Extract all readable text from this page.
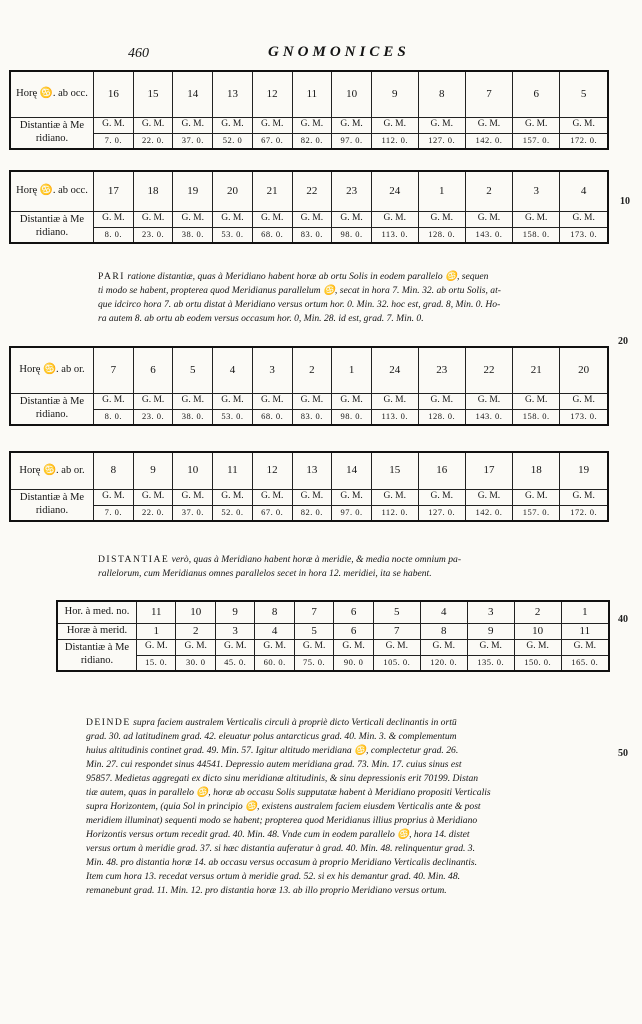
460	GNOMONICES
10
20
40
50
Horę ♋. ab occ.	16	15	14	13	12	11	10	9	8	7	6	5
Distantiæ à Me
ridiano.	G. M.	G. M.	G. M.	G. M.	G. M.	G. M.	G. M.	G. M.	G. M.	G. M.	G. M.	G. M.
	7. 0.	22. 0.	37. 0.	52. 0	67. 0.	82. 0.	97. 0.	112. 0.	127. 0.	142. 0.	157. 0.	172. 0.
Horę ♋. ab occ.	17	18	19	20	21	22	23	24	1	2	3	4
Distantiæ à Me
ridiano.	G. M.	G. M.	G. M.	G. M.	G. M.	G. M.	G. M.	G. M.	G. M.	G. M.	G. M.	G. M.
	8. 0.	23. 0.	38. 0.	53. 0.	68. 0.	83. 0.	98. 0.	113. 0.	128. 0.	143. 0.	158. 0.	173. 0.
PARI ratione distantiæ, quas à Meridiano habent horæ ab ortu Solis in eodem parallelo ♋, sequen
ti modo se habent, propterea quod Meridianus parallelum ♋, secat in hora 7. Min. 32. ab ortu Solis, at-
que idcirco hora 7. ab ortu distat à Meridiano versus ortum hor. 0. Min. 32. hoc est, grad. 8, Min. 0. Ho-
ra autem 8. ab ortu ab eodem versus occasum hor. 0, Min. 28. id est, grad. 7. Min. 0.
Horę ♋. ab or.	7	6	5	4	3	2	1	24	23	22	21	20
Distantiæ à Me
ridiano.	G. M.	G. M.	G. M.	G. M.	G. M.	G. M.	G. M.	G. M.	G. M.	G. M.	G. M.	G. M.
	8. 0.	23. 0.	38. 0.	53. 0.	68. 0.	83. 0.	98. 0.	113. 0.	128. 0.	143. 0.	158. 0.	173. 0.
Horę ♋. ab or.	8	9	10	11	12	13	14	15	16	17	18	19
Distantiæ à Me
ridiano.	G. M.	G. M.	G. M.	G. M.	G. M.	G. M.	G. M.	G. M.	G. M.	G. M.	G. M.	G. M.
	7. 0.	22. 0.	37. 0.	52. 0.	67. 0.	82. 0.	97. 0.	112. 0.	127. 0.	142. 0.	157. 0.	172. 0.
DISTANTIAE verò, quas à Meridiano habent horæ à meridie, & media nocte omnium pa-
rallelorum, cum Meridianus omnes parallelos secet in hora 12. meridiei, ita se habent.
Hor. à med. no.	11	10	9	8	7	6	5	4	3	2	1
Horæ à merid.	1	2	3	4	5	6	7	8	9	10	11
Distantiæ à Me
ridiano.	G. M.	G. M.	G. M.	G. M.	G. M.	G. M.	G. M.	G. M.	G. M.	G. M.	G. M.
	15. 0.	30. 0	45. 0.	60. 0.	75. 0.	90. 0	105. 0.	120. 0.	135. 0.	150. 0.	165. 0.
DEINDE supra faciem australem Verticalis circuli à propriè dicto Verticali declinantis in ortū
grad. 30. ad latitudinem grad. 42. eleuatur polus antarcticus grad. 40. Min. 3. & complementum
huius altitudinis continet grad. 49. Min. 57. Igitur altitudo meridiana ♋, complectetur grad. 26.
Min. 27. cui respondet sinus 44541. Depressio autem meridiana grad. 73. Min. 17. cuius sinus est
95857. Medietas aggregati ex dicto sinu meridianæ altitudinis, & sinu depressionis erit 70199. Distan
tiæ autem, quas in parallelo ♋, horæ ab occasu Solis supputatæ habent à Meridiano propositi Verticalis
supra Horizontem, (quia Sol in principio ♋, existens australem faciem eiusdem Verticalis ante & post
meridiem illuminat) sequenti modo se habent; propterea quod Meridianus illius proprius à Meridiano
Horizontis versus ortum recedit grad. 40. Min. 48. Vnde cum in eodem parallelo ♋, hora 14. distet
versus ortum à meridie grad. 37. si hæc distantia auferatur à grad. 40. Min. 48. relinquentur grad. 3.
Min. 48. pro distantia horæ 14. ab occasu versus occasum à proprio Meridiano Verticalis declinantis.
Item cum hora 13. recedat versus ortum à meridie grad. 52. si ex his demantur grad. 40. Min. 48.
remanebunt grad. 11. Min. 12. pro distantia horæ 13. ab illo proprio Meridiano versus ortum.
